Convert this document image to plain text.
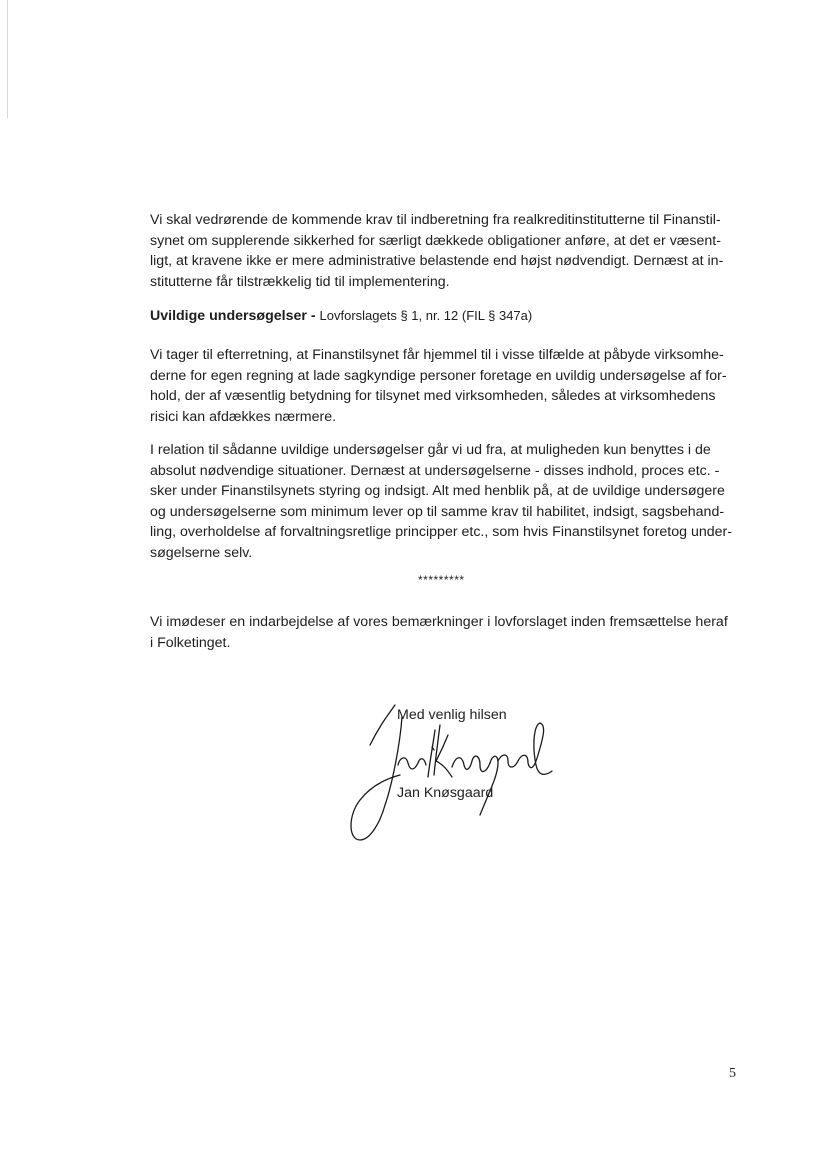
Vi skal vedrørende de kommende krav til indberetning fra realkreditinstitutterne til Finanstil-
synet om supplerende sikkerhed for særligt dækkede obligationer anføre, at det er væsent-
ligt, at kravene ikke er mere administrative belastende end højst nødvendigt. Dernæst at in-
stitutterne får tilstrækkelig tid til implementering.

Uvildige undersøgelser - Lovforslagets § 1, nr. 12 (FIL § 347a)

Vi tager til efterretning, at Finanstilsynet får hjemmel til i visse tilfælde at påbyde virksomhe-
derne for egen regning at lade sagkyndige personer foretage en uvildig undersøgelse af for-
hold, der af væsentlig betydning for tilsynet med virksomheden, således at virksomhedens
risici kan afdækkes nærmere.

I relation til sådanne uvildige undersøgelser går vi ud fra, at muligheden kun benyttes i de
absolut nødvendige situationer. Dernæst at undersøgelserne - disses indhold, proces etc. -
sker under Finanstilsynets styring og indsigt. Alt med henblik på, at de uvildige undersøgere
og undersøgelserne som minimum lever op til samme krav til habilitet, indsigt, sagsbehand-
ling, overholdelse af forvaltningsretlige principper etc., som hvis Finanstilsynet foretog under-
søgelserne selv.

*********

Vi imødeser en indarbejdelse af vores bemærkninger i lovforslaget inden fremsættelse heraf
i Folketinget.

Med venlig hilsen
Jan Knøsgaard
5
